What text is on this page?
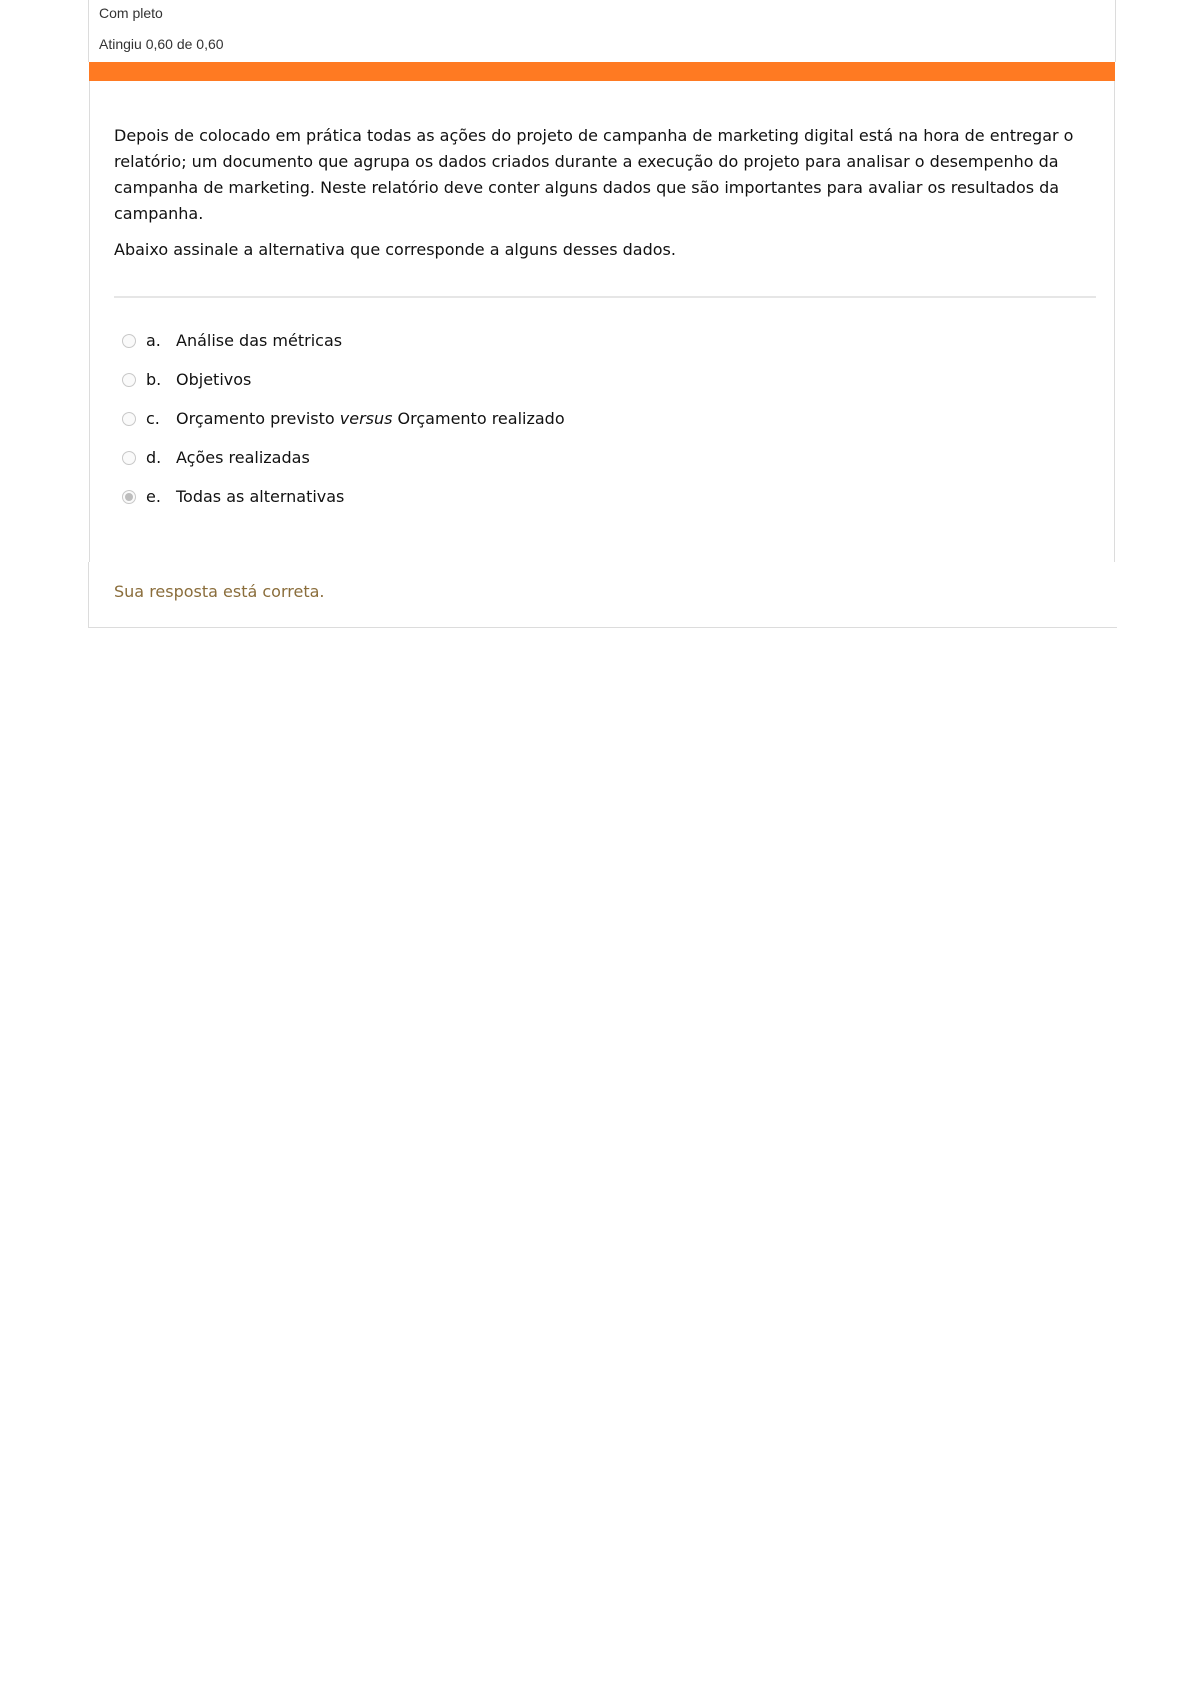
Com pleto
Atingiu 0,60 de 0,60

Depois de colocado em prática todas as ações do projeto de campanha de marketing digital está na hora de entregar o relatório; um documento que agrupa os dados criados durante a execução do projeto para analisar o desempenho da campanha de marketing. Neste relatório deve conter alguns dados que são importantes para avaliar os resultados da campanha.

Abaixo assinale a alternativa que corresponde a alguns desses dados.

a. Análise das métricas
b. Objetivos
c.	Orçamento previsto versus Orçamento realizado
d. Ações realizadas
e. Todas as alternativas
Sua resposta está correta.
